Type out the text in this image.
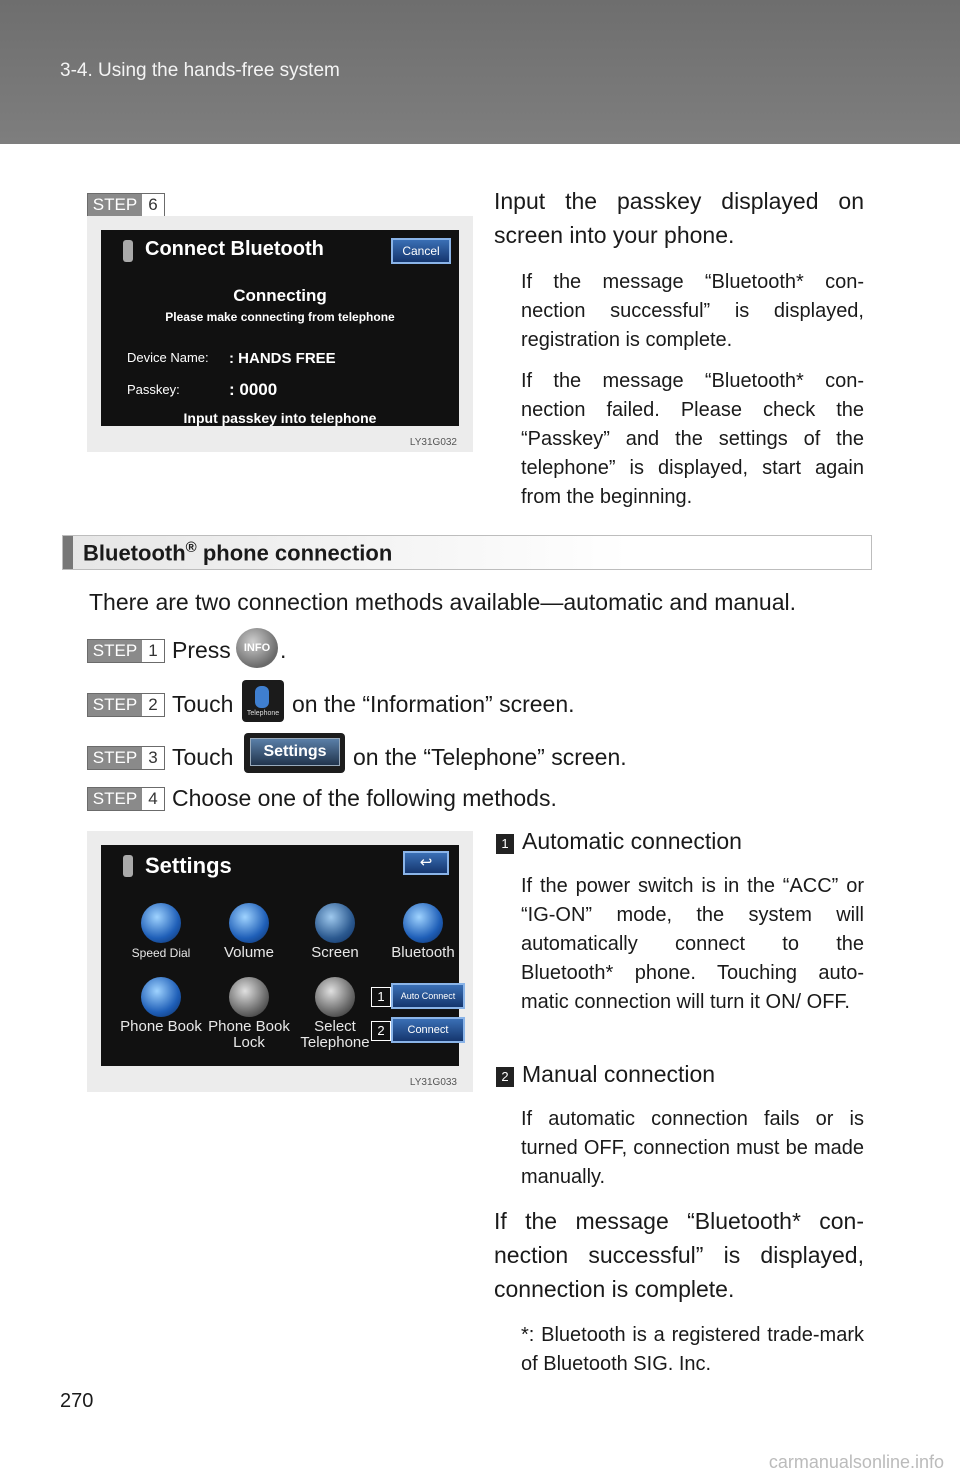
3-4. Using the hands-free system
STEP 6
Connect Bluetooth	Cancel
Connecting
Please make connecting from telephone
Device Name: : HANDS FREE
Passkey:	: 0000
Input passkey into telephone
LY31G032
Input the passkey displayed on screen into your phone.
If the message “Bluetooth* con-nection successful” is displayed, registration is complete.
If the message “Bluetooth* con-nection failed. Please check the “Passkey” and the settings of the telephone” is displayed, start again from the beginning.
Bluetooth® phone connection
There are two connection methods available—automatic and manual.
STEP 1 Press	INFO .
STEP 2 Touch	Telephone on the “Information” screen.
STEP 3 Touch	Settings	on the “Telephone” screen.
STEP 4 Choose one of the following methods.
Settings	↩
Speed Dial	Volume	Screen	Bluetooth
Phone Book Phone Book Lock
Select Telephone
1	Auto Connect
2	Connect
LY31G033
1 Automatic connection
If the power switch is in the “ACC” or “IG-ON” mode, the system will automatically connect to the Bluetooth* phone. Touching auto-matic connection will turn it ON/ OFF.
2 Manual connection
If automatic connection fails or is turned OFF, connection must be made manually.
If the message “Bluetooth* con-nection successful” is displayed, connection is complete.
*: Bluetooth is a registered trade-mark of Bluetooth SIG. Inc.
270
carmanualsonline.info
